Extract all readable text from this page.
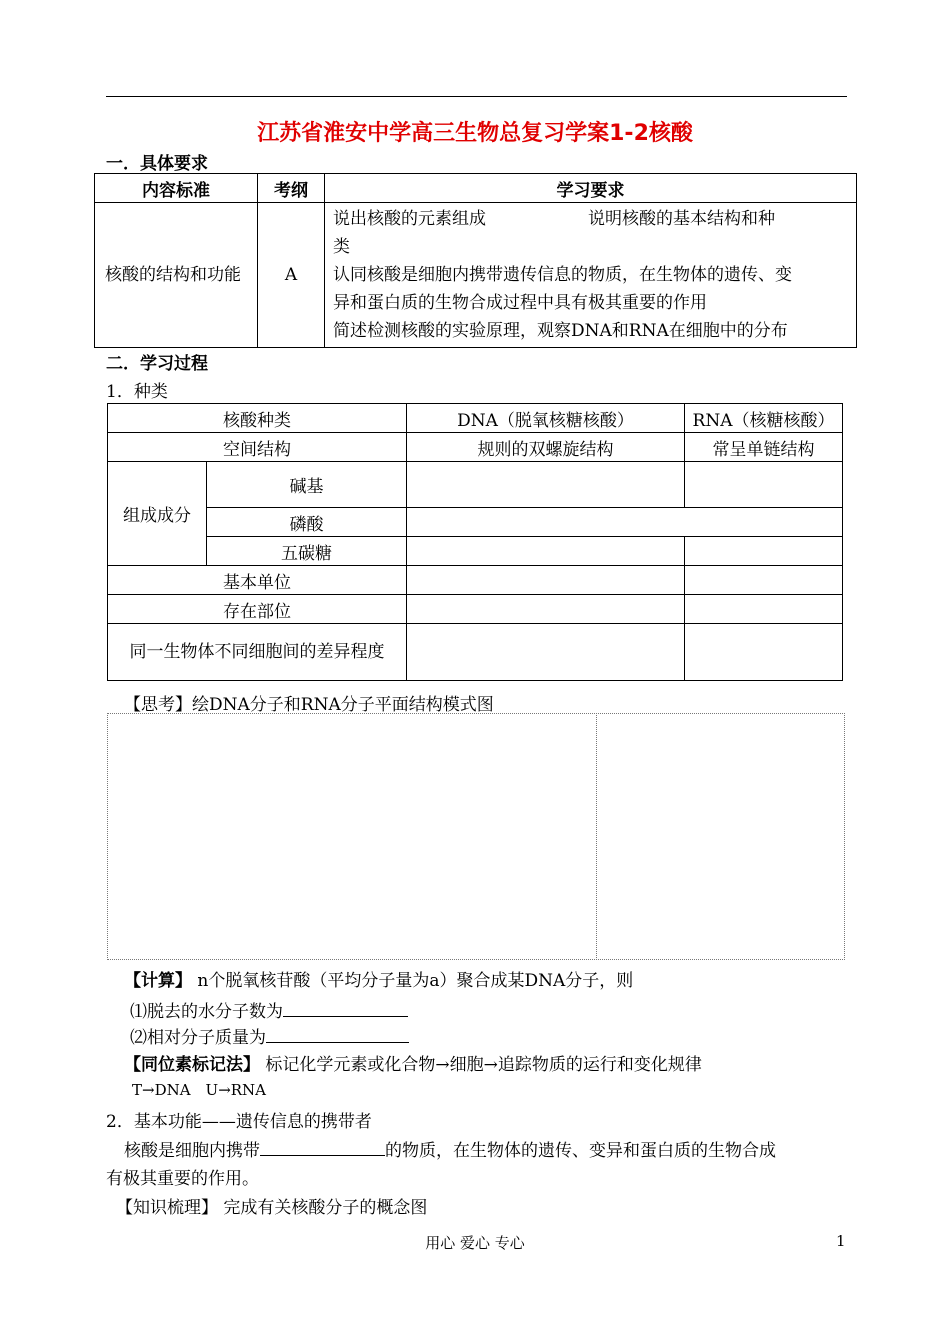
江苏省淮安中学高三生物总复习学案1-2核酸
一．具体要求
内容标准	考纲	学习要求
核酸的结构和功能	A	说出核酸的元素组成　　　　　　说明核酸的基本结构和种
类
认同核酸是细胞内携带遗传信息的物质，在生物体的遗传、变
异和蛋白质的生物合成过程中具有极其重要的作用
简述检测核酸的实验原理，观察DNA和RNA在细胞中的分布
二．学习过程
1．种类
核酸种类		DNA（脱氧核糖核酸）	RNA（核糖核酸）
空间结构		规则的双螺旋结构	常呈单链结构
组成成分	碱基		
	磷酸		
	五碳糖		
基本单位			
存在部位			
同一生物体不同细胞间的差异程度			
【思考】绘DNA分子和RNA分子平面结构模式图
【计算】 n个脱氧核苷酸（平均分子量为a）聚合成某DNA分子，则
⑴脱去的水分子数为
⑵相对分子质量为
【同位素标记法】 标记化学元素或化合物→细胞→追踪物质的运行和变化规律
T→DNA　U→RNA
2．基本功能——遗传信息的携带者
核酸是细胞内携带	的物质，在生物体的遗传、变异和蛋白质的生物合成
有极其重要的作用。
【知识梳理】 完成有关核酸分子的概念图
用心 爱心 专心	1
